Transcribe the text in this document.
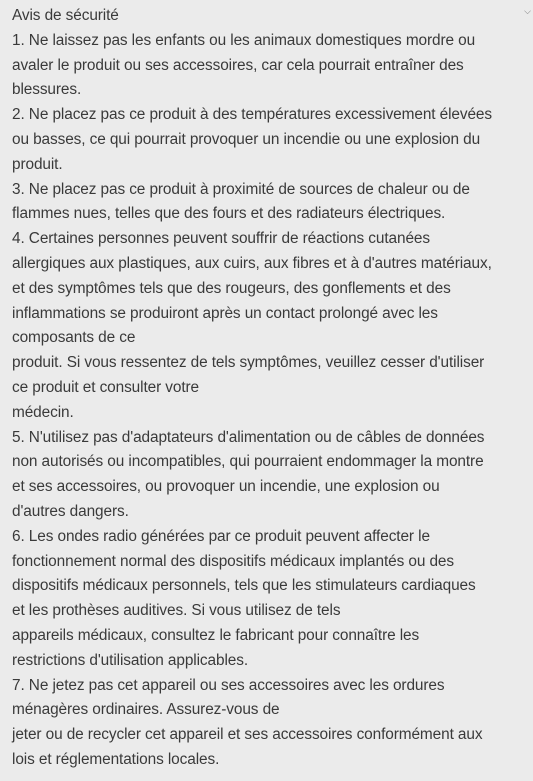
Avis de sécurité
1. Ne laissez pas les enfants ou les animaux domestiques mordre ou
avaler le produit ou ses accessoires, car cela pourrait entraîner des
blessures.
2. Ne placez pas ce produit à des températures excessivement élevées
ou basses, ce qui pourrait provoquer un incendie ou une explosion du
produit.
3. Ne placez pas ce produit à proximité de sources de chaleur ou de
flammes nues, telles que des fours et des radiateurs électriques.
4. Certaines personnes peuvent souffrir de réactions cutanées
allergiques aux plastiques, aux cuirs, aux fibres et à d'autres matériaux,
et des symptômes tels que des rougeurs, des gonflements et des
inflammations se produiront après un contact prolongé avec les
composants de ce
produit. Si vous ressentez de tels symptômes, veuillez cesser d'utiliser
ce produit et consulter votre
médecin.
5. N'utilisez pas d'adaptateurs d'alimentation ou de câbles de données
non autorisés ou incompatibles, qui pourraient endommager la montre
et ses accessoires, ou provoquer un incendie, une explosion ou
d'autres dangers.
6. Les ondes radio générées par ce produit peuvent affecter le
fonctionnement normal des dispositifs médicaux implantés ou des
dispositifs médicaux personnels, tels que les stimulateurs cardiaques
et les prothèses auditives. Si vous utilisez de tels
appareils médicaux, consultez le fabricant pour connaître les
restrictions d'utilisation applicables.
7. Ne jetez pas cet appareil ou ses accessoires avec les ordures
ménagères ordinaires. Assurez-vous de
jeter ou de recycler cet appareil et ses accessoires conformément aux
lois et réglementations locales.
⌵
